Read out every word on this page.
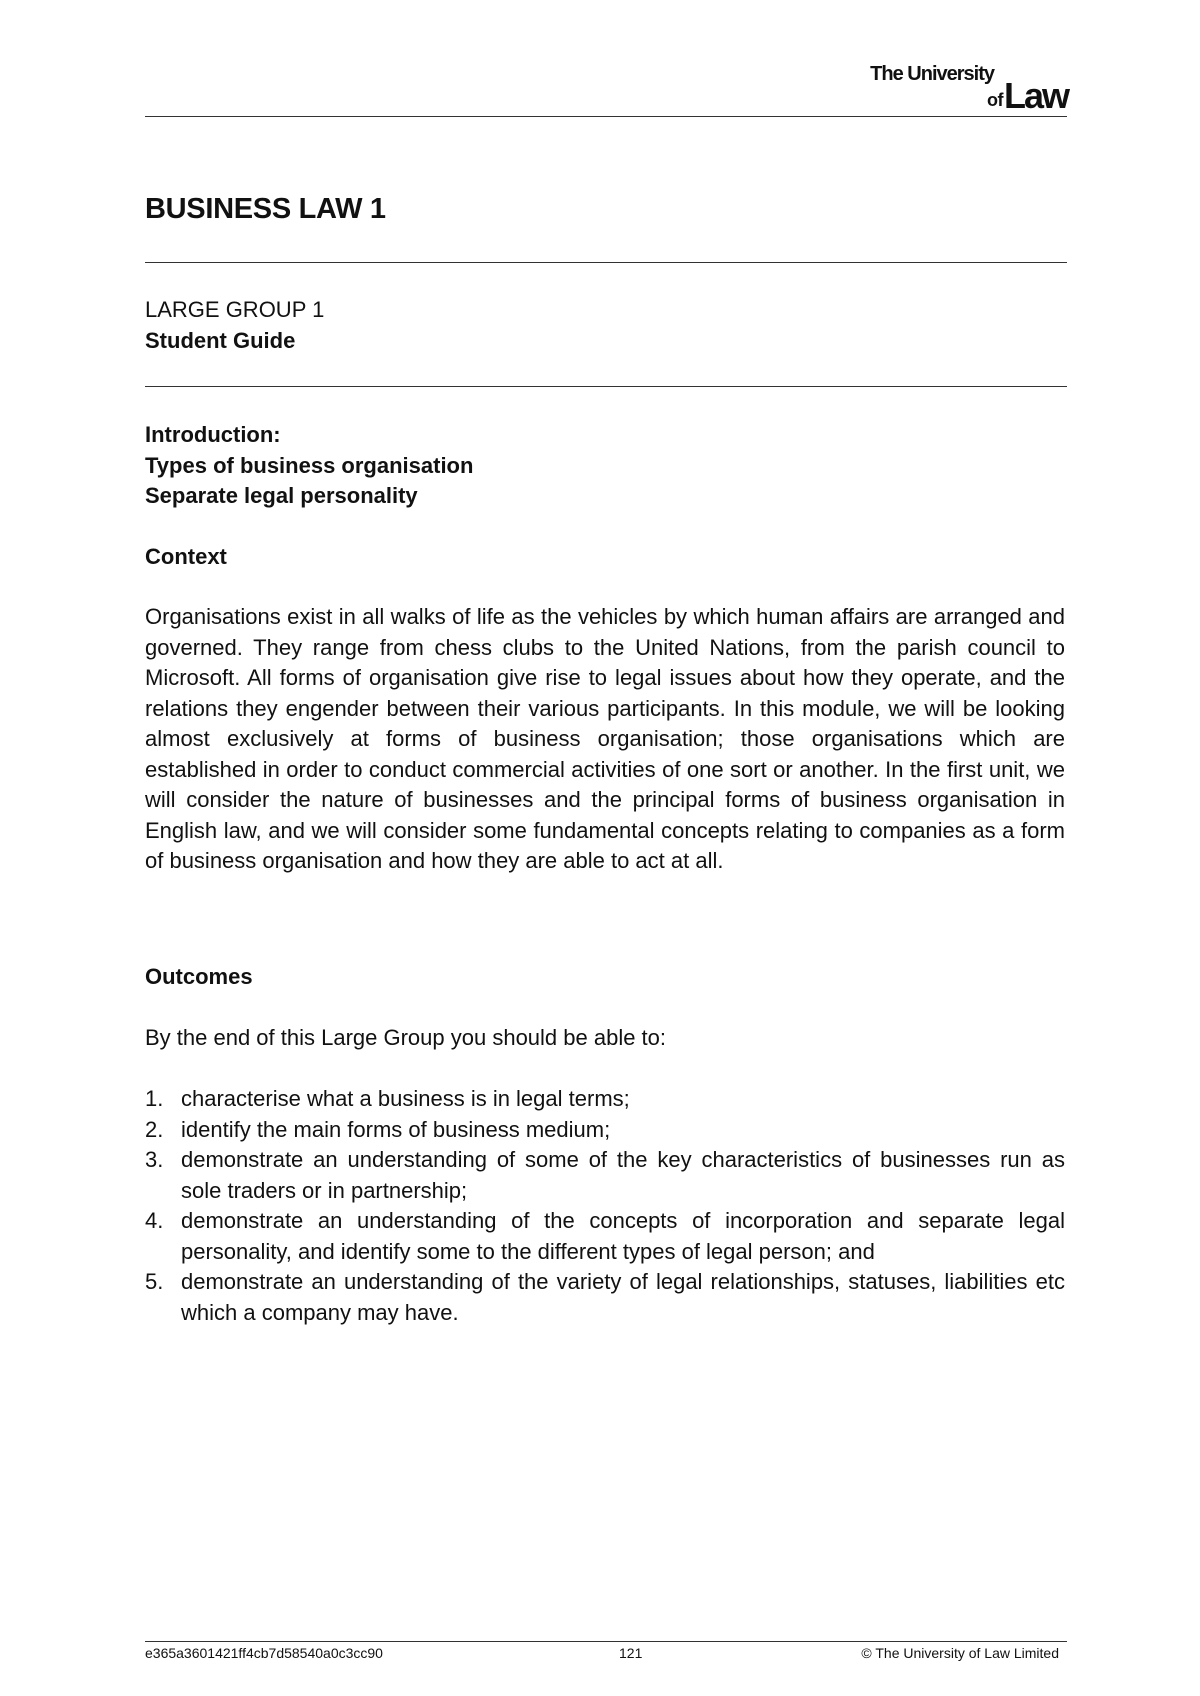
The University
ofLaw
BUSINESS LAW 1
LARGE GROUP 1
Student Guide
Introduction:
Types of business organisation
Separate legal personality
Context

Organisations exist in all walks of life as the vehicles by which human affairs are arranged and governed. They range from chess clubs to the United Nations, from the parish council to Microsoft. All forms of organisation give rise to legal issues about how they operate, and the relations they engender between their various participants. In this module, we will be looking almost exclusively at forms of business organisation; those organisations which are established in order to conduct commercial activities of one sort or another. In the first unit, we will consider the nature of businesses and the principal forms of business organisation in English law, and we will consider some fundamental concepts relating to companies as a form of business organisation and how they are able to act at all.

Outcomes

By the end of this Large Group you should be able to:

1. characterise what a business is in legal terms;
2. identify the main forms of business medium;
3. demonstrate an understanding of some of the key characteristics of businesses run as sole traders or in partnership;
4. demonstrate an understanding of the concepts of incorporation and separate legal personality, and identify some to the different types of legal person; and
5. demonstrate an understanding of the variety of legal relationships, statuses, liabilities etc which a company may have.
e365a3601421ff4cb7d58540a0c3cc90	121	© The University of Law Limited
